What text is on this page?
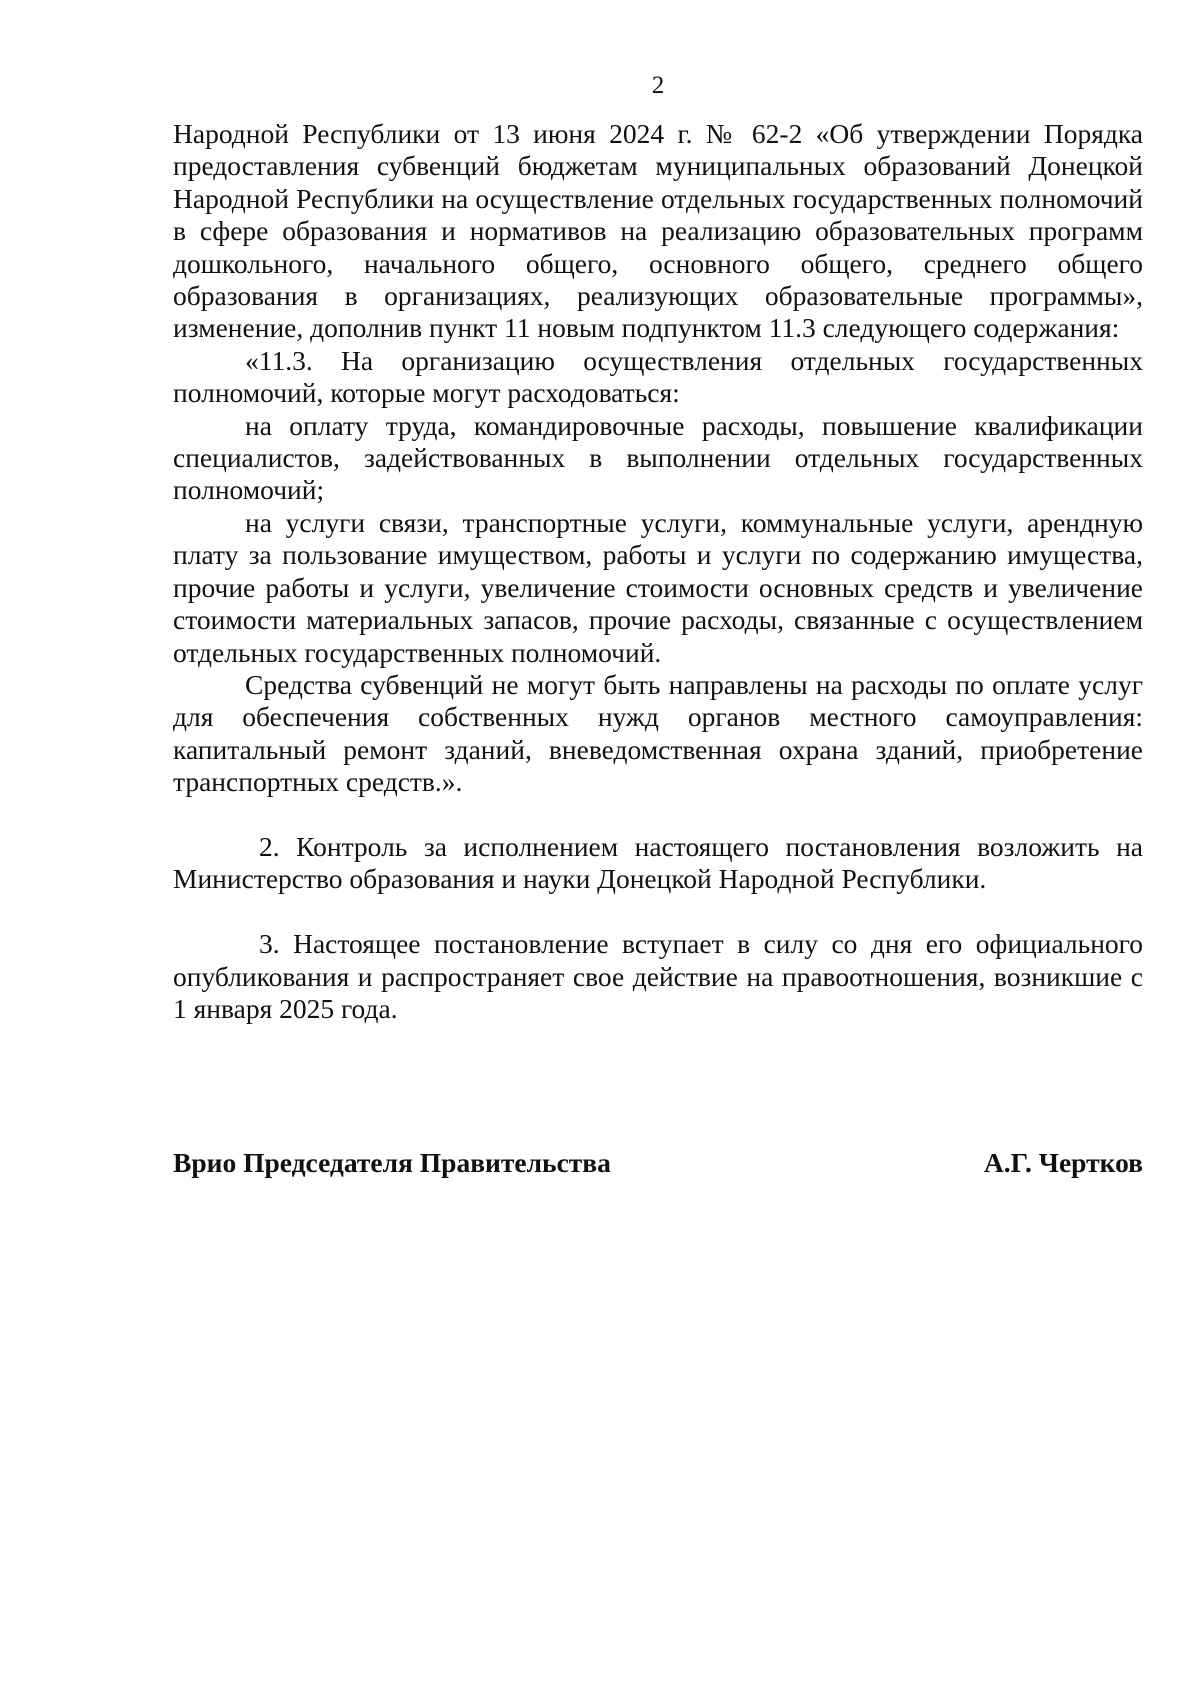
2

Народной Республики от 13 июня 2024 г. № 62-2 «Об утверждении Порядка предоставления субвенций бюджетам муниципальных образований Донецкой Народной Республики на осуществление отдельных государственных полномочий в сфере образования и нормативов на реализацию образовательных программ дошкольного, начального общего, основного общего, среднего общего образования в организациях, реализующих образовательные программы», изменение, дополнив пункт 11 новым подпунктом 11.3 следующего содержания:

«11.3. На организацию осуществления отдельных государственных полномочий, которые могут расходоваться:

на оплату труда, командировочные расходы, повышение квалификации специалистов, задействованных в выполнении отдельных государственных полномочий;

на услуги связи, транспортные услуги, коммунальные услуги, арендную плату за пользование имуществом, работы и услуги по содержанию имущества, прочие работы и услуги, увеличение стоимости основных средств и увеличение стоимости материальных запасов, прочие расходы, связанные с осуществлением отдельных государственных полномочий.

Средства субвенций не могут быть направлены на расходы по оплате услуг для обеспечения собственных нужд органов местного самоуправления: капитальный ремонт зданий, вневедомственная охрана зданий, приобретение транспортных средств.».

2. Контроль за исполнением настоящего постановления возложить на Министерство образования и науки Донецкой Народной Республики.

3. Настоящее постановление вступает в силу со дня его официального опубликования и распространяет свое действие на правоотношения, возникшие с 1 января 2025 года.

Врио Председателя Правительства	А.Г. Чертков
